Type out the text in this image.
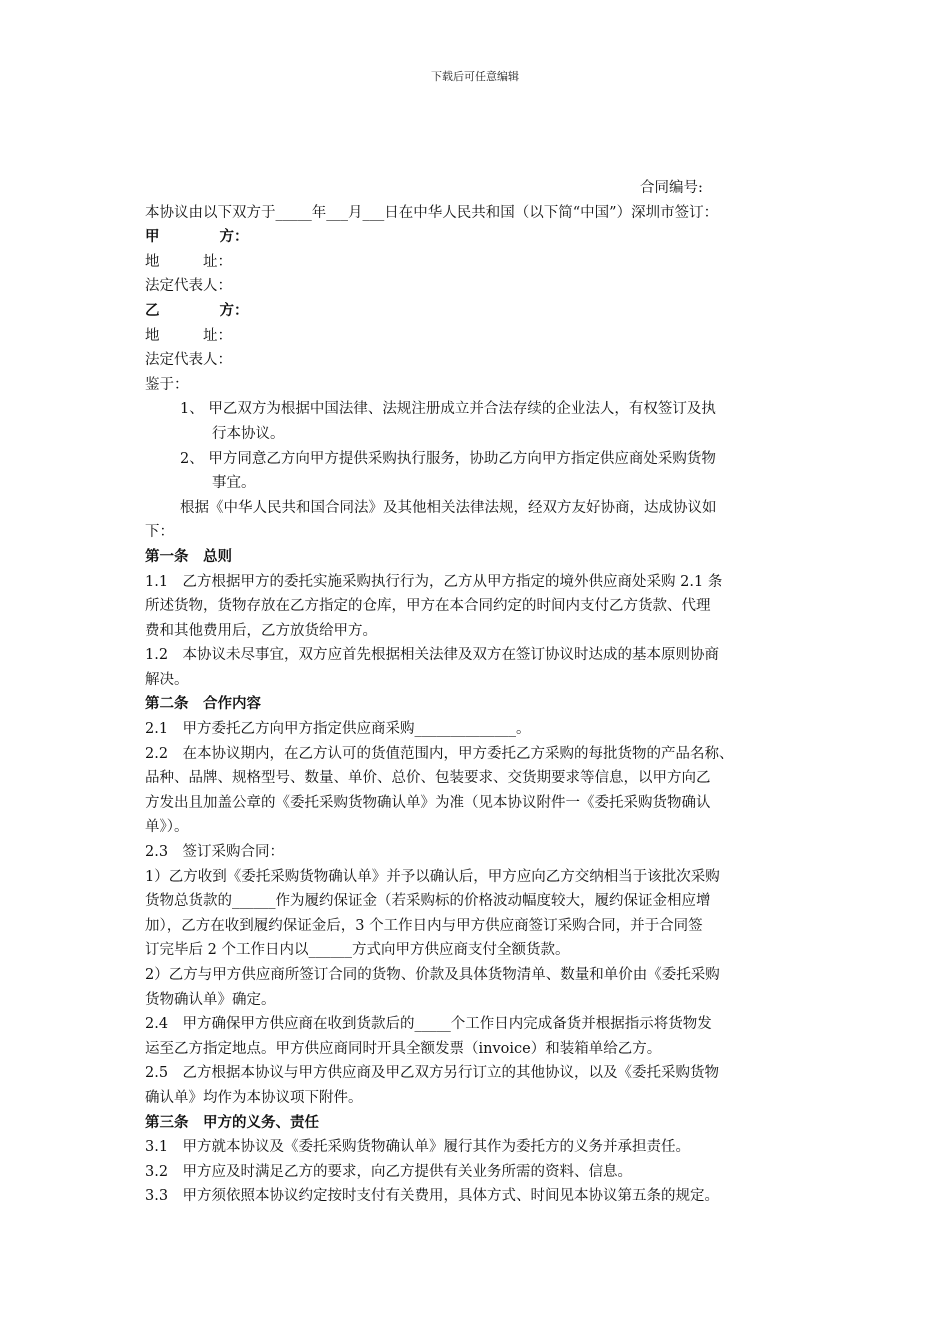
下载后可任意编辑
合同编号:
本协议由以下双方于_____年___月___日在中华人民共和国（以下简“中国”）深圳市签订：
甲	方：
地　　　址：
法定代表人：
乙	方：
地　　　址：
法定代表人：
鉴于：
1、 甲乙双方为根据中国法律、法规注册成立并合法存续的企业法人，有权签订及执
行本协议。
2、 甲方同意乙方向甲方提供采购执行服务，协助乙方向甲方指定供应商处采购货物
事宜。
根据《中华人民共和国合同法》及其他相关法律法规，经双方友好协商，达成协议如
下：
第一条　总则
1.1　乙方根据甲方的委托实施采购执行行为，乙方从甲方指定的境外供应商处采购 2.1 条
所述货物，货物存放在乙方指定的仓库，甲方在本合同约定的时间内支付乙方货款、代理
费和其他费用后，乙方放货给甲方。
1.2　本协议未尽事宜，双方应首先根据相关法律及双方在签订协议时达成的基本原则协商
解决。
第二条　合作内容
2.1　甲方委托乙方向甲方指定供应商采购______________。
2.2　在本协议期内，在乙方认可的货值范围内，甲方委托乙方采购的每批货物的产品名称、
品种、品牌、规格型号、数量、单价、总价、包装要求、交货期要求等信息，以甲方向乙
方发出且加盖公章的《委托采购货物确认单》为准（见本协议附件一《委托采购货物确认
单》）。
2.3　签订采购合同：
1）乙方收到《委托采购货物确认单》并予以确认后，甲方应向乙方交纳相当于该批次采购
货物总货款的______作为履约保证金（若采购标的价格波动幅度较大，履约保证金相应增
加），乙方在收到履约保证金后，3 个工作日内与甲方供应商签订采购合同，并于合同签
订完毕后 2 个工作日内以______方式向甲方供应商支付全额货款。
2）乙方与甲方供应商所签订合同的货物、价款及具体货物清单、数量和单价由《委托采购
货物确认单》确定。
2.4　甲方确保甲方供应商在收到货款后的_____个工作日内完成备货并根据指示将货物发
运至乙方指定地点。甲方供应商同时开具全额发票（invoice）和装箱单给乙方。
2.5　乙方根据本协议与甲方供应商及甲乙双方另行订立的其他协议，以及《委托采购货物
确认单》均作为本协议项下附件。
第三条　甲方的义务、责任
3.1　甲方就本协议及《委托采购货物确认单》履行其作为委托方的义务并承担责任。
3.2　甲方应及时满足乙方的要求，向乙方提供有关业务所需的资料、信息。
3.3　甲方须依照本协议约定按时支付有关费用，具体方式、时间见本协议第五条的规定。
